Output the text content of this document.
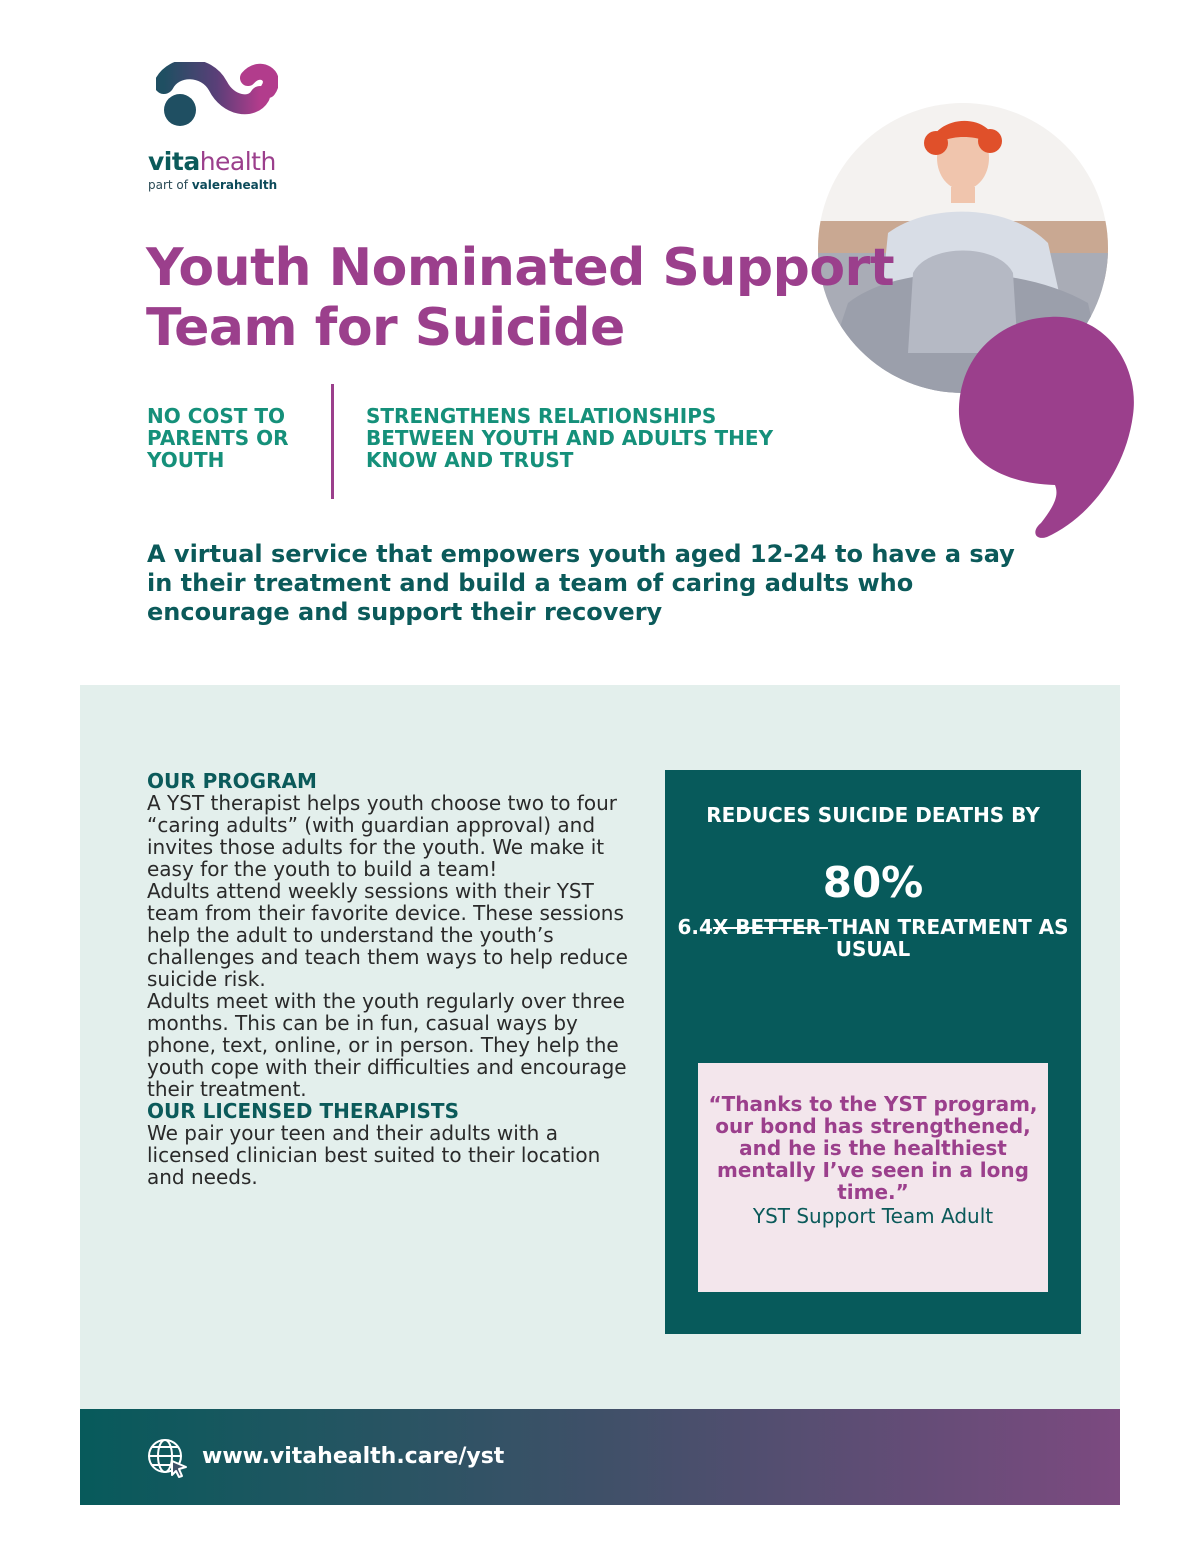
vitahealth
part of valerahealth
Youth Nominated Support Team for Suicide
NO COST TO PARENTS OR YOUTH
STRENGTHENS RELATIONSHIPS BETWEEN YOUTH AND ADULTS THEY KNOW AND TRUST
A virtual service that empowers youth aged 12-24 to have a say in their treatment and build a team of caring adults who encourage and support their recovery
OUR PROGRAM

A YST therapist helps youth choose two to four “caring adults” (with guardian approval) and invites those adults for the youth. We make it easy for the youth to build a team!

Adults attend weekly sessions with their YST team from their favorite device. These sessions help the adult to understand the youth’s challenges and teach them ways to help reduce suicide risk.

Adults meet with the youth regularly over three months. This can be in fun, casual ways by phone, text, online, or in person. They help the youth cope with their difficulties and encourage their treatment.

OUR LICENSED THERAPISTS

We pair your teen and their adults with a licensed clinician best suited to their location and needs.

REDUCES SUICIDE DEATHS BY
80%
6.4X BETTER THAN TREATMENT AS USUAL
“Thanks to the YST program, our bond has strengthened, and he is the healthiest mentally I’ve seen in a long time.”
YST Support Team Adult
www.vitahealth.care/yst
